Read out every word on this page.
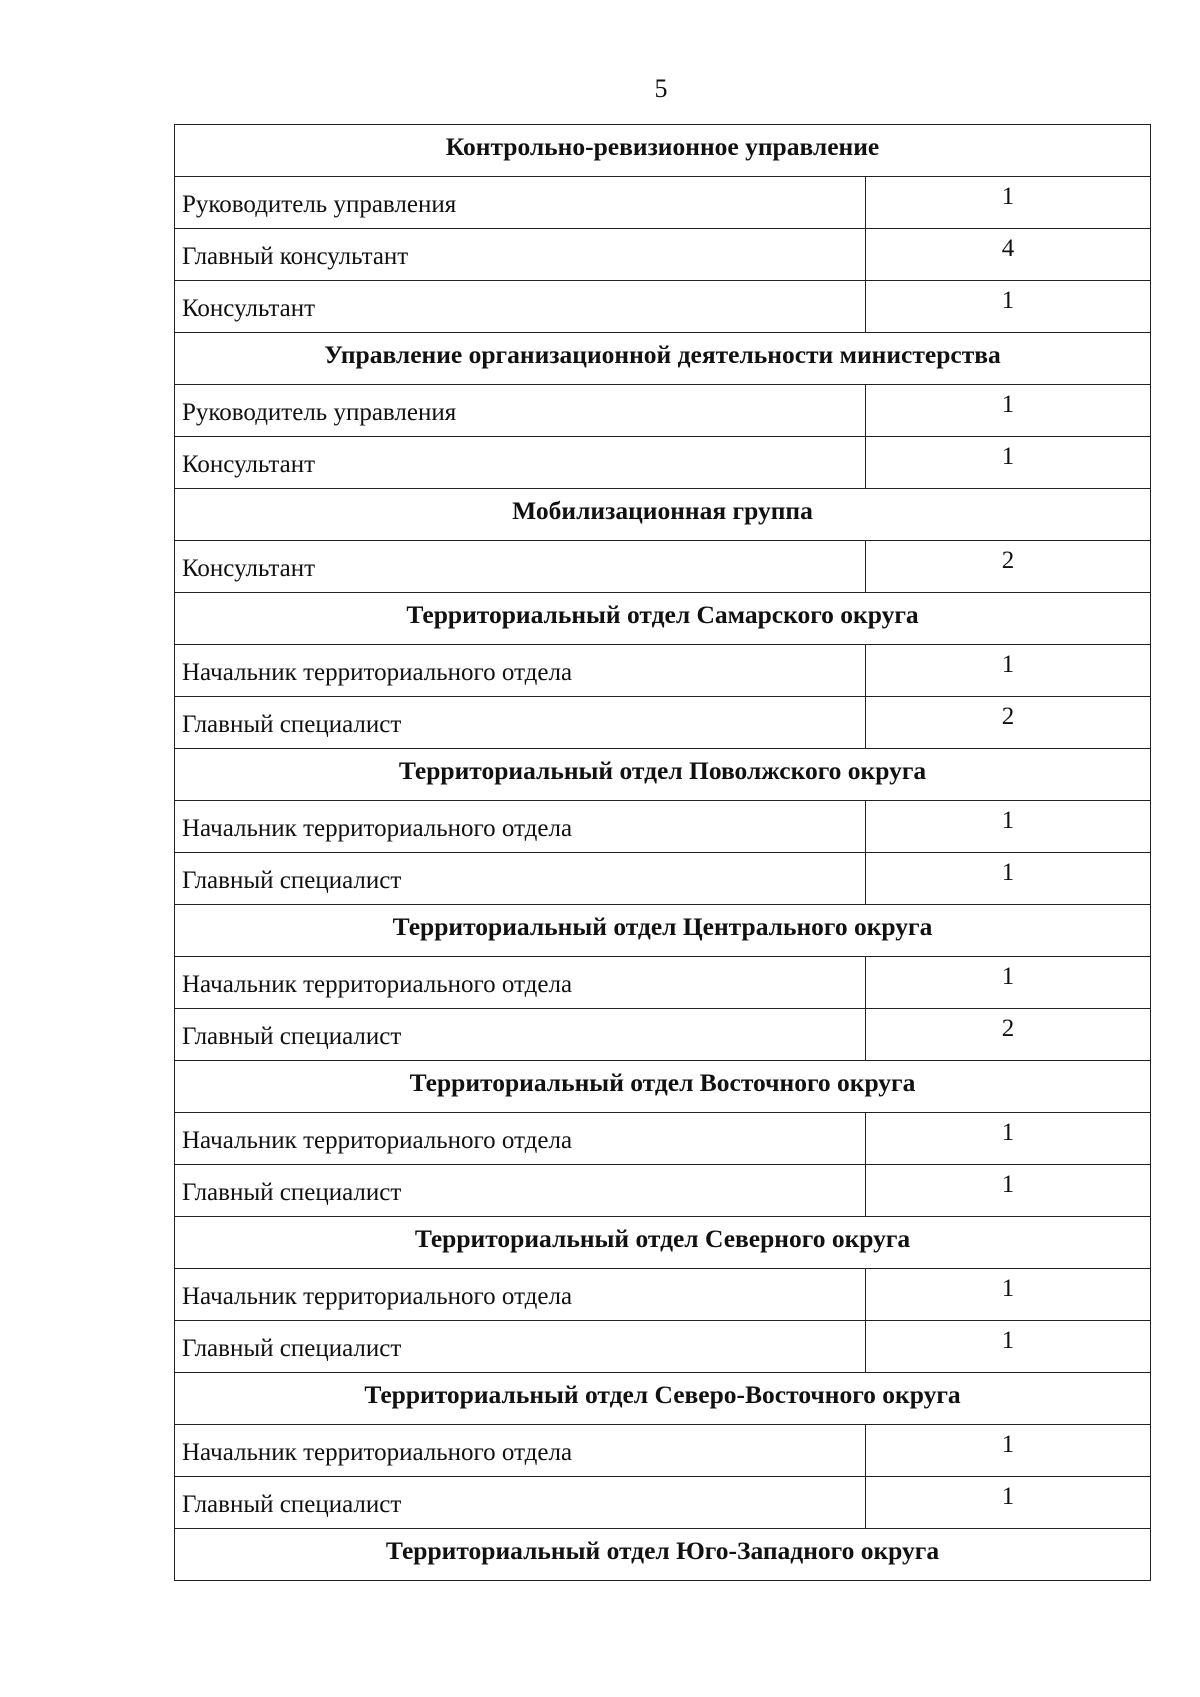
5
Контрольно-ревизионное управление	
Руководитель управления	1
Главный консультант	4
Консультант	1
Управление организационной деятельности министерства	
Руководитель управления	1
Консультант	1
Мобилизационная группа	
Консультант	2
Территориальный отдел Самарского округа	
Начальник территориального отдела	1
Главный специалист	2
Территориальный отдел Поволжского округа	
Начальник территориального отдела	1
Главный специалист	1
Территориальный отдел Центрального округа	
Начальник территориального отдела	1
Главный специалист	2
Территориальный отдел Восточного округа	
Начальник территориального отдела	1
Главный специалист	1
Территориальный отдел Северного округа	
Начальник территориального отдела	1
Главный специалист	1
Территориальный отдел Северо-Восточного округа	
Начальник территориального отдела	1
Главный специалист	1
Территориальный отдел Юго-Западного округа	
